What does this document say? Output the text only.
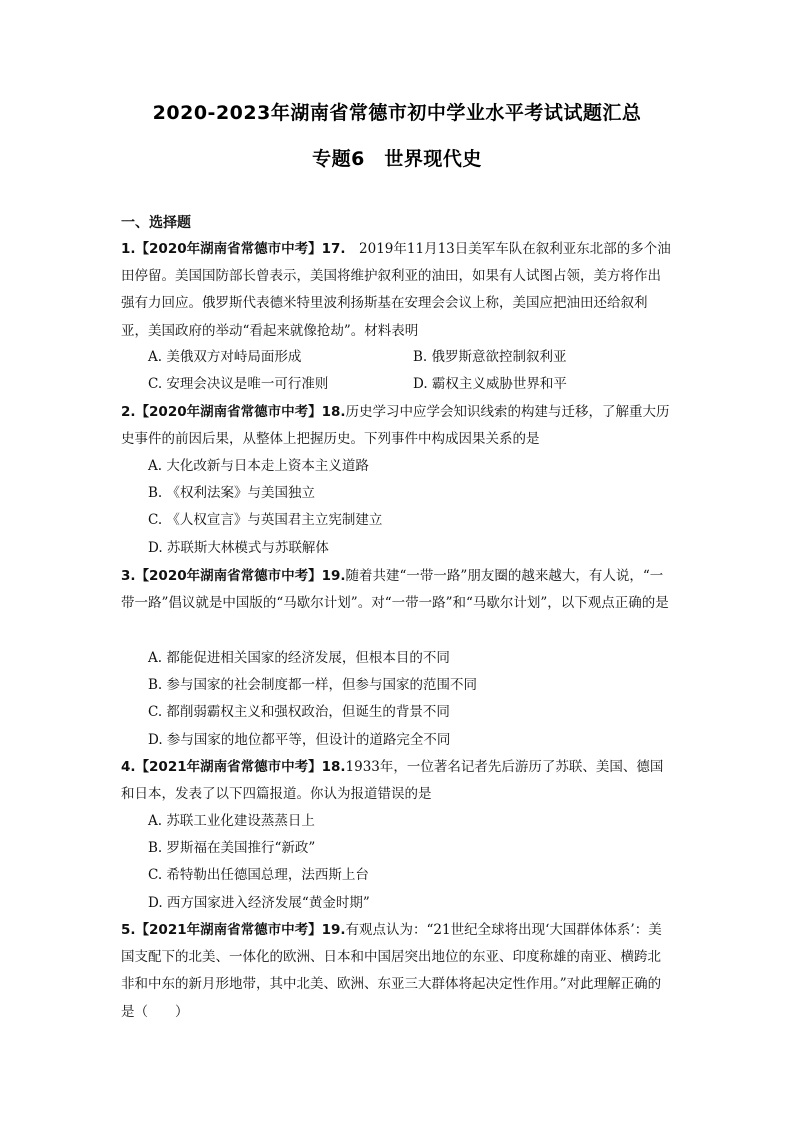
2020-2023年湖南省常德市初中学业水平考试试题汇总
专题6　世界现代史
一、选择题
1.【2020年湖南省常德市中考】17.　2019年11月13日美军车队在叙利亚东北部的多个油田停留。美国国防部长曾表示，美国将维护叙利亚的油田，如果有人试图占领，美方将作出强有力回应。俄罗斯代表德米特里波利扬斯基在安理会会议上称，美国应把油田还给叙利亚，美国政府的举动“看起来就像抢劫”。材料表明
A. 美俄双方对峙局面形成	B. 俄罗斯意欲控制叙利亚
C. 安理会决议是唯一可行准则	D. 霸权主义威胁世界和平
2.【2020年湖南省常德市中考】18.历史学习中应学会知识线索的构建与迁移，了解重大历史事件的前因后果，从整体上把握历史。下列事件中构成因果关系的是
A. 大化改新与日本走上资本主义道路
B. 《权利法案》与美国独立
C. 《人权宣言》与英国君主立宪制建立
D. 苏联斯大林模式与苏联解体
3.【2020年湖南省常德市中考】19.随着共建“一带一路”朋友圈的越来越大，有人说，“一带一路”倡议就是中国版的“马歇尔计划”。对“一带一路”和“马歇尔计划”，以下观点正确的是
A. 都能促进相关国家的经济发展，但根本目的不同
B. 参与国家的社会制度都一样，但参与国家的范围不同
C. 都削弱霸权主义和强权政治，但诞生的背景不同
D. 参与国家的地位都平等，但设计的道路完全不同
4.【2021年湖南省常德市中考】18.1933年，一位著名记者先后游历了苏联、美国、德国和日本，发表了以下四篇报道。你认为报道错误的是
A. 苏联工业化建设蒸蒸日上
B. 罗斯福在美国推行“新政”
C. 希特勒出任德国总理，法西斯上台
D. 西方国家进入经济发展“黄金时期”
5.【2021年湖南省常德市中考】19.有观点认为：“21世纪全球将出现‘大国群体体系’：美国支配下的北美、一体化的欧洲、日本和中国居突出地位的东亚、印度称雄的南亚、横跨北非和中东的新月形地带，其中北美、欧洲、东亚三大群体将起决定性作用。”对此理解正确的是（　　）
